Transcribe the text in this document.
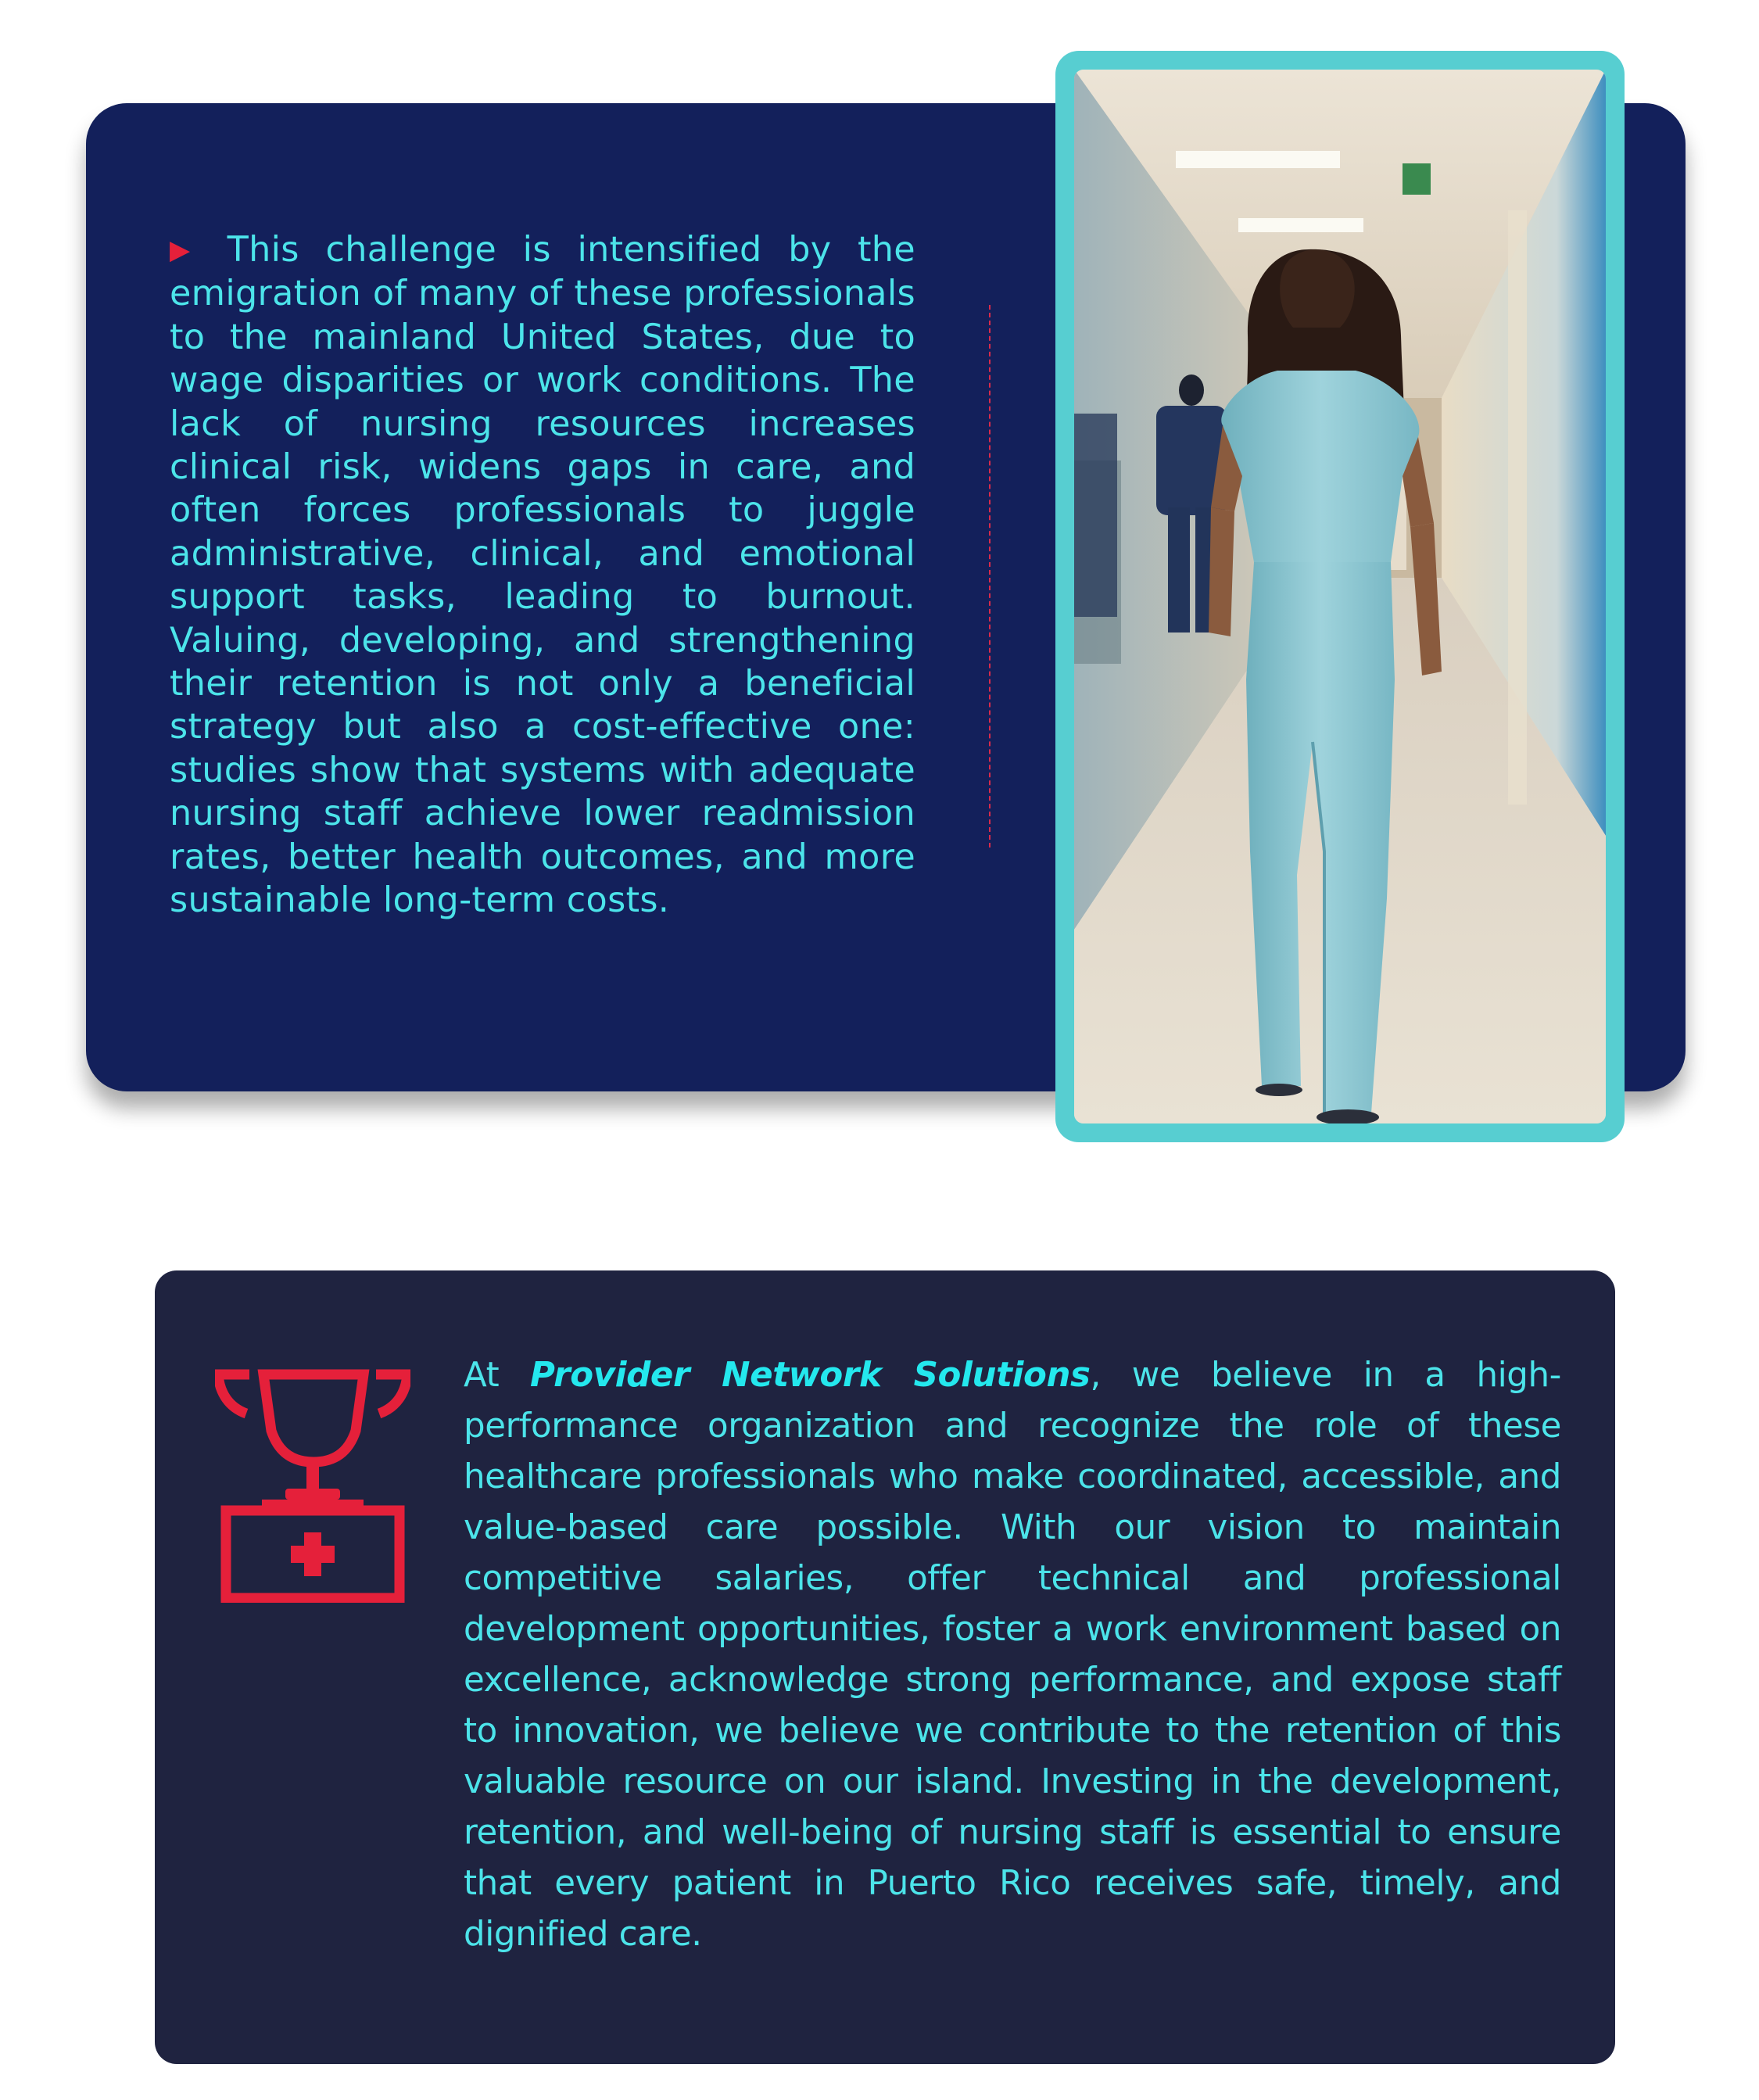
▶ This challenge is intensified by the emigration of many of these professionals to the mainland United States, due to wage disparities or work conditions. The lack of nursing resources increases clinical risk, widens gaps in care, and often forces professionals to juggle administrative, clinical, and emotional support tasks, leading to burnout. Valuing, developing, and strengthening their retention is not only a beneficial strategy but also a cost-effective one: studies show that systems with adequate nursing staff achieve lower readmission rates, better health outcomes, and more sustainable long-term costs.

At Provider Network Solutions, we believe in a high-performance organization and recognize the role of these healthcare professionals who make coordinated, accessible, and value-based care possible. With our vision to maintain competitive salaries, offer technical and professional development opportunities, foster a work environment based on excellence, acknowledge strong performance, and expose staff to innovation, we believe we contribute to the retention of this valuable resource on our island. Investing in the development, retention, and well-being of nursing staff is essential to ensure that every patient in Puerto Rico receives safe, timely, and dignified care.
